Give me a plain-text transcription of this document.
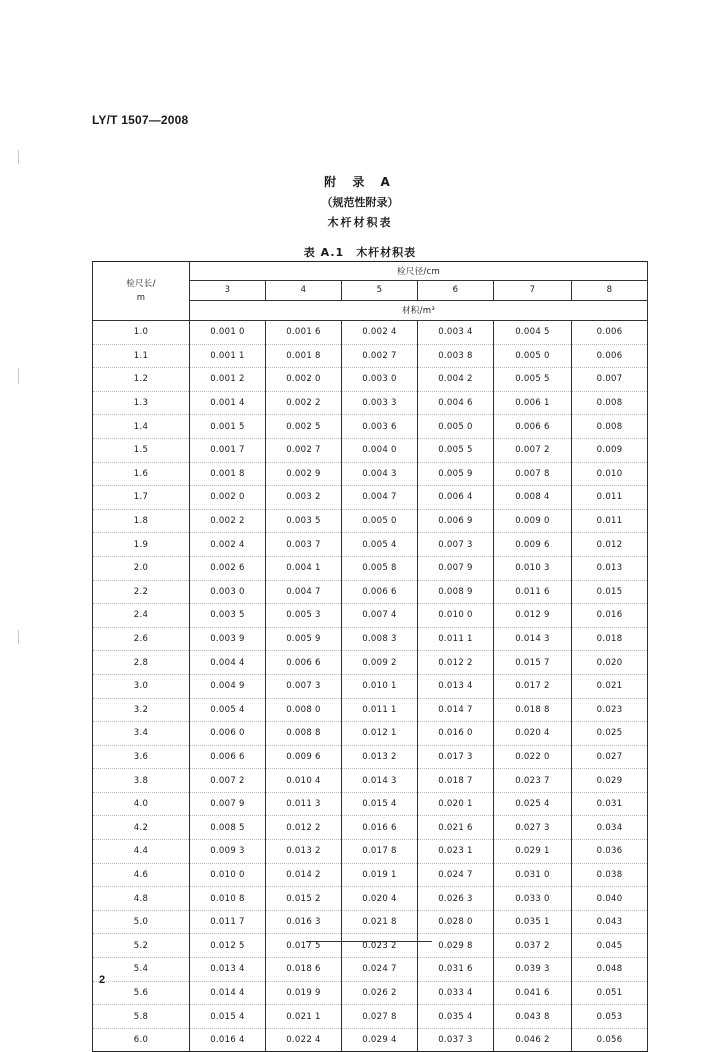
LY/T 1507—2008
附 录 A
（规范性附录）
木杆材积表
表 A.1 木杆材积表
检尺长/
m	检尺径/cm					
	3	4	5	6	7	8
	材积/m³					
1.0	0.001 0	0.001 6	0.002 4	0.003 4	0.004 5	0.006
1.1	0.001 1	0.001 8	0.002 7	0.003 8	0.005 0	0.006
1.2	0.001 2	0.002 0	0.003 0	0.004 2	0.005 5	0.007
1.3	0.001 4	0.002 2	0.003 3	0.004 6	0.006 1	0.008
1.4	0.001 5	0.002 5	0.003 6	0.005 0	0.006 6	0.008
1.5	0.001 7	0.002 7	0.004 0	0.005 5	0.007 2	0.009
1.6	0.001 8	0.002 9	0.004 3	0.005 9	0.007 8	0.010
1.7	0.002 0	0.003 2	0.004 7	0.006 4	0.008 4	0.011
1.8	0.002 2	0.003 5	0.005 0	0.006 9	0.009 0	0.011
1.9	0.002 4	0.003 7	0.005 4	0.007 3	0.009 6	0.012
2.0	0.002 6	0.004 1	0.005 8	0.007 9	0.010 3	0.013
2.2	0.003 0	0.004 7	0.006 6	0.008 9	0.011 6	0.015
2.4	0.003 5	0.005 3	0.007 4	0.010 0	0.012 9	0.016
2.6	0.003 9	0.005 9	0.008 3	0.011 1	0.014 3	0.018
2.8	0.004 4	0.006 6	0.009 2	0.012 2	0.015 7	0.020
3.0	0.004 9	0.007 3	0.010 1	0.013 4	0.017 2	0.021
3.2	0.005 4	0.008 0	0.011 1	0.014 7	0.018 8	0.023
3.4	0.006 0	0.008 8	0.012 1	0.016 0	0.020 4	0.025
3.6	0.006 6	0.009 6	0.013 2	0.017 3	0.022 0	0.027
3.8	0.007 2	0.010 4	0.014 3	0.018 7	0.023 7	0.029
4.0	0.007 9	0.011 3	0.015 4	0.020 1	0.025 4	0.031
4.2	0.008 5	0.012 2	0.016 6	0.021 6	0.027 3	0.034
4.4	0.009 3	0.013 2	0.017 8	0.023 1	0.029 1	0.036
4.6	0.010 0	0.014 2	0.019 1	0.024 7	0.031 0	0.038
4.8	0.010 8	0.015 2	0.020 4	0.026 3	0.033 0	0.040
5.0	0.011 7	0.016 3	0.021 8	0.028 0	0.035 1	0.043
5.2	0.012 5	0.017 5	0.023 2	0.029 8	0.037 2	0.045
5.4	0.013 4	0.018 6	0.024 7	0.031 6	0.039 3	0.048
5.6	0.014 4	0.019 9	0.026 2	0.033 4	0.041 6	0.051
5.8	0.015 4	0.021 1	0.027 8	0.035 4	0.043 8	0.053
6.0	0.016 4	0.022 4	0.029 4	0.037 3	0.046 2	0.056
2
